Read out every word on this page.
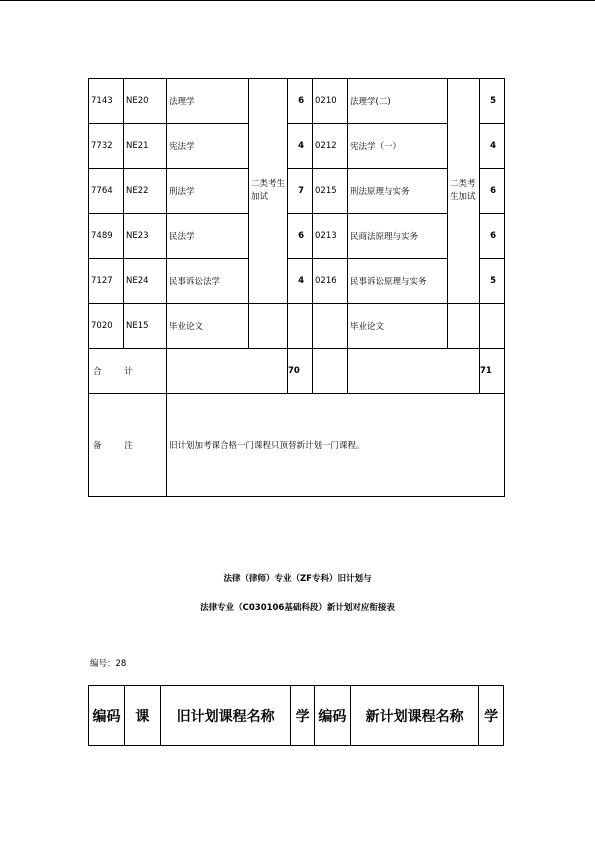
7143	NE20	法理学	二类考生加试	6	0210	法理学(二)	二类考生加试	5
7732	NE21	宪法学		4	0212	宪法学（一）		4
7764	NE22	刑法学		7	0215	刑法原理与实务		6
7489	NE23	民法学		6	0213	民商法原理与实务		6
7127	NE24	民事诉讼法学		4	0216	民事诉讼原理与实务		5
7020	NE15	毕业论文				毕业论文		
合 计				70				71
备 注		旧计划加考课合格一门课程只顶替新计划一门课程。						
法律（律师）专业（ZF专科）旧计划与
法律专业（C030106基础科段）新计划对应衔接表
编号：28
编码	课	旧计划课程名称	学	编码	新计划课程名称	学
